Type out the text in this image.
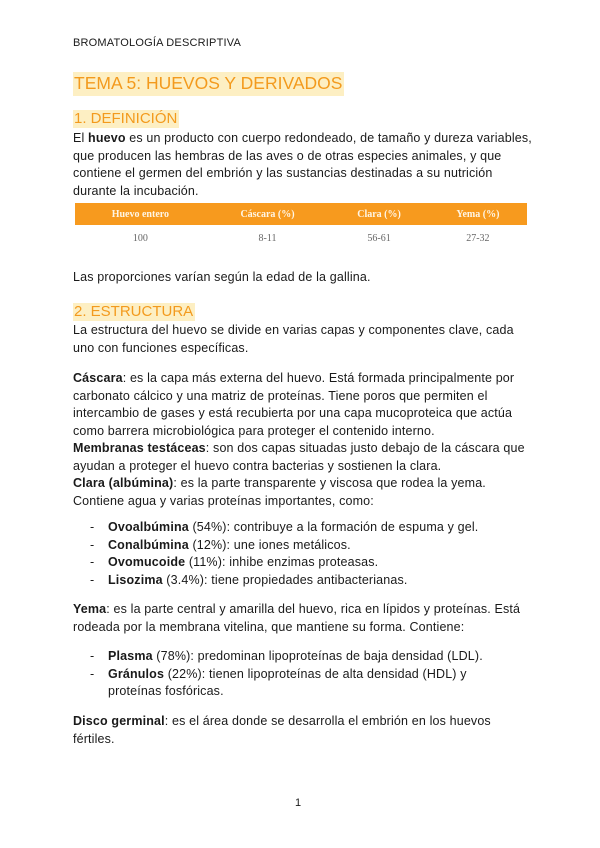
BROMATOLOGÍA DESCRIPTIVA
TEMA 5: HUEVOS Y DERIVADOS
1. DEFINICIÓN
El huevo es un producto con cuerpo redondeado, de tamaño y dureza variables, que producen las hembras de las aves o de otras especies animales, y que contiene el germen del embrión y las sustancias destinadas a su nutrición durante la incubación.
Huevo entero	Cáscara (%)	Clara (%)	Yema (%)
100	8-11	56-61	27-32
Las proporciones varían según la edad de la gallina.
2. ESTRUCTURA
La estructura del huevo se divide en varias capas y componentes clave, cada uno con funciones específicas.
Cáscara: es la capa más externa del huevo. Está formada principalmente por carbonato cálcico y una matriz de proteínas. Tiene poros que permiten el intercambio de gases y está recubierta por una capa mucoproteica que actúa como barrera microbiológica para proteger el contenido interno.
Membranas testáceas: son dos capas situadas justo debajo de la cáscara que ayudan a proteger el huevo contra bacterias y sostienen la clara.
Clara (albúmina): es la parte transparente y viscosa que rodea la yema. Contiene agua y varias proteínas importantes, como:
- Ovoalbúmina (54%): contribuye a la formación de espuma y gel.
- Conalbúmina (12%): une iones metálicos.
- Ovomucoide (11%): inhibe enzimas proteasas.
- Lisozima (3.4%): tiene propiedades antibacterianas.
Yema: es la parte central y amarilla del huevo, rica en lípidos y proteínas. Está rodeada por la membrana vitelina, que mantiene su forma. Contiene:
- Plasma (78%): predominan lipoproteínas de baja densidad (LDL).
- Gránulos (22%): tienen lipoproteínas de alta densidad (HDL) y proteínas fosfóricas.
Disco germinal: es el área donde se desarrolla el embrión en los huevos fértiles.
1
